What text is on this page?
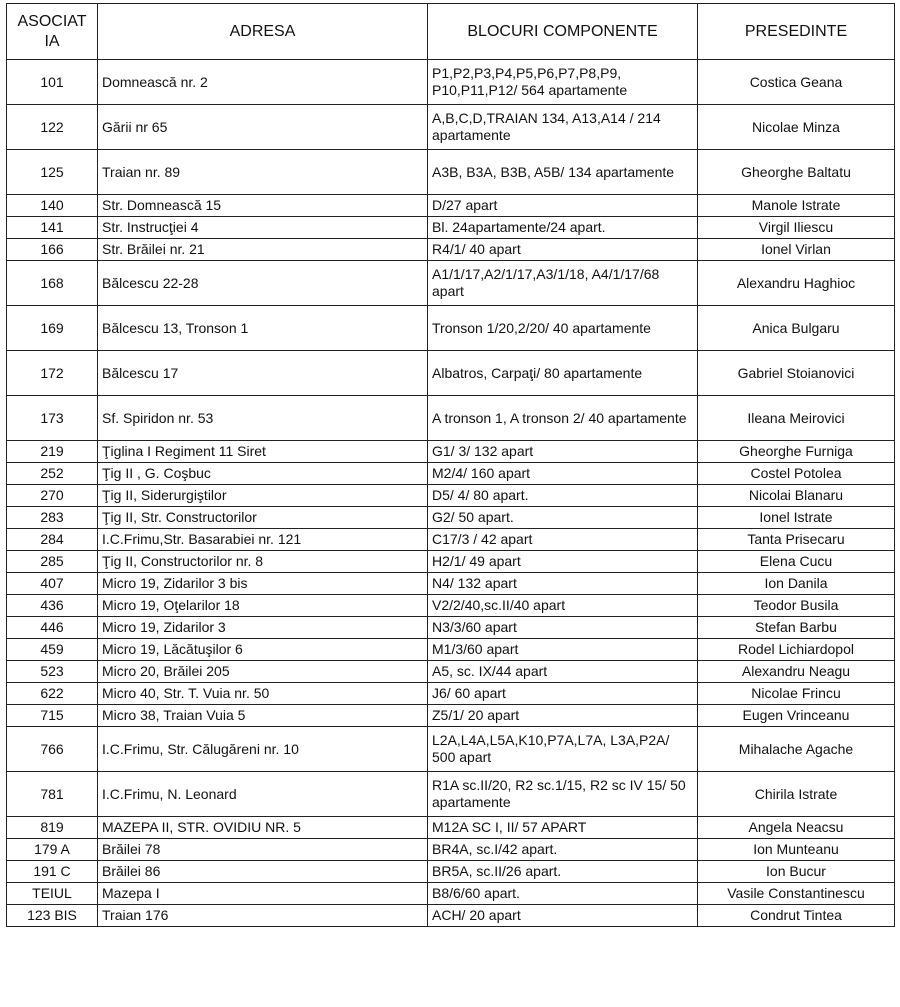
ASOCIAT IA	ADRESA	BLOCURI COMPONENTE	PRESEDINTE
101	Domnească nr. 2	P1,P2,P3,P4,P5,P6,P7,P8,P9, P10,P11,P12/ 564 apartamente	Costica Geana
122	Gării nr 65	A,B,C,D,TRAIAN 134, A13,A14 / 214 apartamente	Nicolae Minza
125	Traian nr. 89	A3B, B3A, B3B, A5B/ 134 apartamente	Gheorghe Baltatu
140	Str. Domnească 15	D/27 apart	Manole Istrate
141	Str. Instrucţiei 4	Bl. 24apartamente/24 apart.	Virgil Iliescu
166	Str. Brăilei nr. 21	R4/1/ 40 apart	Ionel Virlan
168	Bălcescu 22-28	A1/1/17,A2/1/17,A3/1/18, A4/1/17/68 apart	Alexandru Haghioc
169	Bălcescu 13, Tronson 1	Tronson 1/20,2/20/ 40 apartamente	Anica Bulgaru
172	Bălcescu 17	Albatros, Carpaţi/ 80 apartamente	Gabriel Stoianovici
173	Sf. Spiridon nr. 53	A tronson 1, A tronson 2/ 40 apartamente	Ileana Meirovici
219	Ţiglina I Regiment 11 Siret	G1/ 3/ 132 apart	Gheorghe Furniga
252	Ţig II , G. Coşbuc	M2/4/ 160 apart	Costel Potolea
270	Ţig II, Siderurgiştilor	D5/ 4/ 80 apart.	Nicolai Blanaru
283	Ţig II, Str. Constructorilor	G2/ 50 apart.	Ionel Istrate
284	I.C.Frimu,Str. Basarabiei nr. 121	C17/3 / 42 apart	Tanta Prisecaru
285	Ţig II, Constructorilor nr. 8	H2/1/ 49 apart	Elena Cucu
407	Micro 19, Zidarilor 3 bis	N4/ 132 apart	Ion Danila
436	Micro 19, Oţelarilor 18	V2/2/40,sc.II/40 apart	Teodor Busila
446	Micro 19, Zidarilor 3	N3/3/60 apart	Stefan Barbu
459	Micro 19, Lăcătuşilor 6	M1/3/60 apart	Rodel Lichiardopol
523	Micro 20, Brăilei 205	A5, sc. IX/44 apart	Alexandru Neagu
622	Micro 40, Str. T. Vuia nr. 50	J6/ 60 apart	Nicolae Frincu
715	Micro 38, Traian Vuia 5	Z5/1/ 20 apart	Eugen Vrinceanu
766	I.C.Frimu, Str. Călugăreni nr. 10	L2A,L4A,L5A,K10,P7A,L7A, L3A,P2A/ 500 apart	Mihalache Agache
781	I.C.Frimu, N. Leonard	R1A sc.II/20, R2 sc.1/15, R2 sc IV 15/ 50 apartamente	Chirila Istrate
819	MAZEPA II, STR. OVIDIU NR. 5	M12A SC I, II/ 57 APART	Angela Neacsu
179 A	Brăilei 78	BR4A, sc.I/42 apart.	Ion Munteanu
191 C	Brăilei 86	BR5A, sc.II/26 apart.	Ion Bucur
TEIUL	Mazepa I	B8/6/60 apart.	Vasile Constantinescu
123 BIS	Traian 176	ACH/ 20 apart	Condrut Tintea
